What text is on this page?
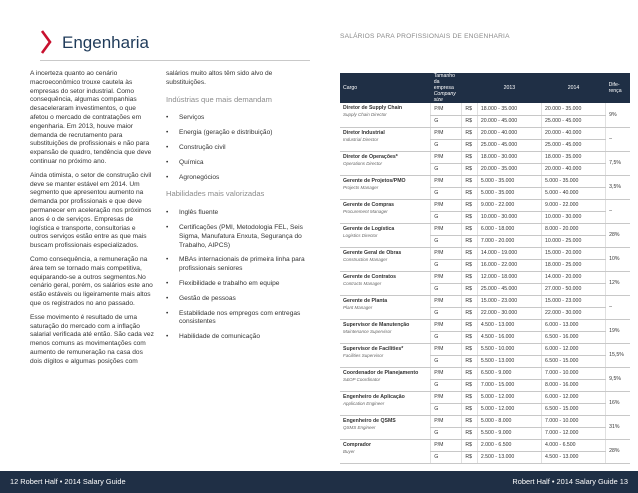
Engenharia

A incerteza quanto ao cenário macroeconômico trouxe cautela às empresas do setor industrial. Como consequência, algumas companhias desaceleraram investimentos, o que afetou o mercado de contratações em engenharia. Em 2013, houve maior demanda de recrutamento para substituições de profissionais e não para expansão de quadro, tendência que deve continuar no próximo ano.

Ainda otimista, o setor de construção civil deve se manter estável em 2014. Um segmento que apresentou aumento na demanda por profissionais e que deve permanecer em aceleração nos próximos anos é o de serviços. Empresas de logística e transporte, consultorias e outros serviços estão entre as que mais buscam profissionais especializados.

Como consequência, a remuneração na área tem se tornado mais competitiva, equiparando-se a outros segmentos.No cenário geral, porém, os salários este ano estão estáveis ou ligeiramente mais altos que os registrados no ano passado.

Esse movimento é resultado de uma saturação do mercado com a inflação salarial verificada até então. São cada vez menos comuns as movimentações com aumento de remuneração na casa dos dois dígitos e algumas posições com

salários muito altos têm sido alvo de substituições.

Indústrias que mais demandam
• Serviços
• Energia (geração e distribuição)
• Construção civil
• Química
• Agronegócios
Habilidades mais valorizadas
• Inglês fluente
• Certificações (PMI, Metodologia FEL, Seis Sigma, Manufatura Enxuta, Segurança do Trabalho, AIPCS)
• MBAs internacionais de primeira linha para profissionais seniores
• Flexibilidade e trabalho em equipe
• Gestão de pessoas
• Estabilidade nos empregos com entregas consistentes
• Habilidade de comunicação
SALÁRIOS PARA PROFISSIONAIS DE ENGENHARIA
Cargo	Tamanho da empresa
Company size		2013	2014	Dife-rença
Diretor de Supply Chain
Supply Chain Director	P/M	R$	18.000 - 35.000	20.000 - 35.000	9%
	G	R$	20.000 - 45.000	25.000 - 45.000	
Diretor Industrial
Industrial Director	P/M	R$	20.000 - 40.000	20.000 - 40.000	–
	G	R$	25.000 - 45.000	25.000 - 45.000	
Diretor de Operações*
Operations Director	P/M	R$	18.000 - 30.000	18.000 - 35.000	7,5%
	G	R$	20.000 - 35.000	20.000 - 40.000	
Gerente de Projetos/PMO
Projects Manager	P/M	R$	5.000 - 35.000	5.000 - 35.000	3,5%
	G	R$	5.000 - 35.000	5.000 - 40.000	
Gerente de Compras
Procurement Manager	P/M	R$	9.000 - 22.000	9.000 - 22.000	–
	G	R$	10.000 - 30.000	10.000 - 30.000	
Gerente de Logística
Logistics Director	P/M	R$	6.000 - 18.000	8.000 - 20.000	28%
	G	R$	7.000 - 20.000	10.000 - 25.000	
Gerente Geral de Obras
Construction Manager	P/M	R$	14.000 - 19.000	15.000 - 20.000	10%
	G	R$	16.000 - 22.000	18.000 - 25.000	
Gerente de Contratos
Contracts Manager	P/M	R$	12.000 - 18.000	14.000 - 20.000	12%
	G	R$	25.000 - 45.000	27.000 - 50.000	
Gerente de Planta
Plant Manager	P/M	R$	15.000 - 23.000	15.000 - 23.000	–
	G	R$	22.000 - 30.000	22.000 - 30.000	
Supervisor de Manutenção
Maintenance Supervisor	P/M	R$	4.500 - 13.000	6.000 - 13.000	19%
	G	R$	4.500 - 16.000	6.500 - 16.000	
Supervisor de Facilities*
Facilities Supervisor	P/M	R$	5.500 - 10.000	6.000 - 12.000	15,5%
	G	R$	5.500 - 13.000	6.500 - 15.000	
Coordenador de Planejamento
S&OP Coordinator	P/M	R$	6.500 - 9.000	7.000 - 10.000	9,5%
	G	R$	7.000 - 15.000	8.000 - 16.000	
Engenheiro de Aplicação
Application Engineer	P/M	R$	5.000 - 12.000	6.000 - 12.000	16%
	G	R$	5.000 - 12.000	6.500 - 15.000	
Engenheiro de QSMS
QSMS Engineer	P/M	R$	5.000 - 8.000	7.000 - 10.000	31%
	G	R$	5.500 - 9.000	7.000 - 12.000	
Comprador
Buyer	P/M	R$	2.000 - 6.500	4.000 - 6.500	28%
	G	R$	2.500 - 13.000	4.500 - 13.000	
12 Robert Half • 2014 Salary Guide	Robert Half • 2014 Salary Guide 13
